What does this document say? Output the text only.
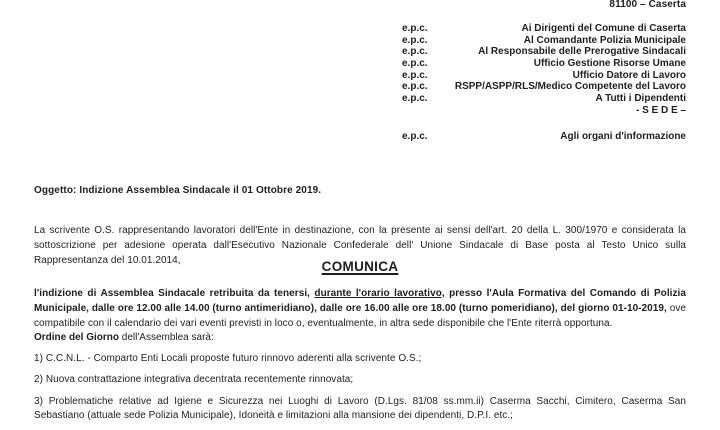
81100 – Caserta
e.p.c.	Ai Dirigenti del Comune di Caserta
e.p.c.	Al Comandante Polizia Municipale
e.p.c.	Al Responsabile delle Prerogative Sindacali
e.p.c.	Ufficio Gestione Risorse Umane
e.p.c.	Ufficio Datore di Lavoro
e.p.c.	RSPP/ASPP/RLS/Medico Competente del Lavoro
e.p.c.	A Tutti i Dipendenti
- S E D E –
e.p.c.	Agli organi d'informazione
Oggetto: Indizione Assemblea Sindacale il 01 Ottobre 2019.

La scrivente O.S. rappresentando lavoratori dell'Ente in destinazione, con la presente ai sensi dell'art. 20 della L. 300/1970 e considerata la sottoscrizione per adesione operata dall'Esecutivo Nazionale Confederale dell' Unione Sindacale di Base posta al Testo Unico sulla Rappresentanza del 10.01.2014,	COMUNICA

l'indizione di Assemblea Sindacale retribuita da tenersi, durante l'orario lavorativo, presso l'Aula Formativa del Comando di Polizia Municipale, dalle ore 12.00 alle 14.00 (turno antimeridiano), dalle ore 16.00 alle ore 18.00 (turno pomeridiano), del giorno 01-10-2019, ove compatibile con il calendario dei vari eventi previsti in loco o, eventualmente, in altra sede disponibile che l'Ente riterrà opportuna.

Ordine del Giorno dell'Assemblea sarà:

1) C.C.N.L. - Comparto Enti Locali proposte futuro rinnovo aderenti alla scrivente O.S.;

2) Nuova contrattazione integrativa decentrata recentemente rinnovata;

3) Problematiche relative ad Igiene e Sicurezza nei Luoghi di Lavoro (D.Lgs. 81/08 ss.mm.ii) Caserma Sacchi, Cimitero, Caserma San Sebastiano (attuale sede Polizia Municipale), Idoneità e limitazioni alla mansione dei dipendenti, D.P.I. etc.;
